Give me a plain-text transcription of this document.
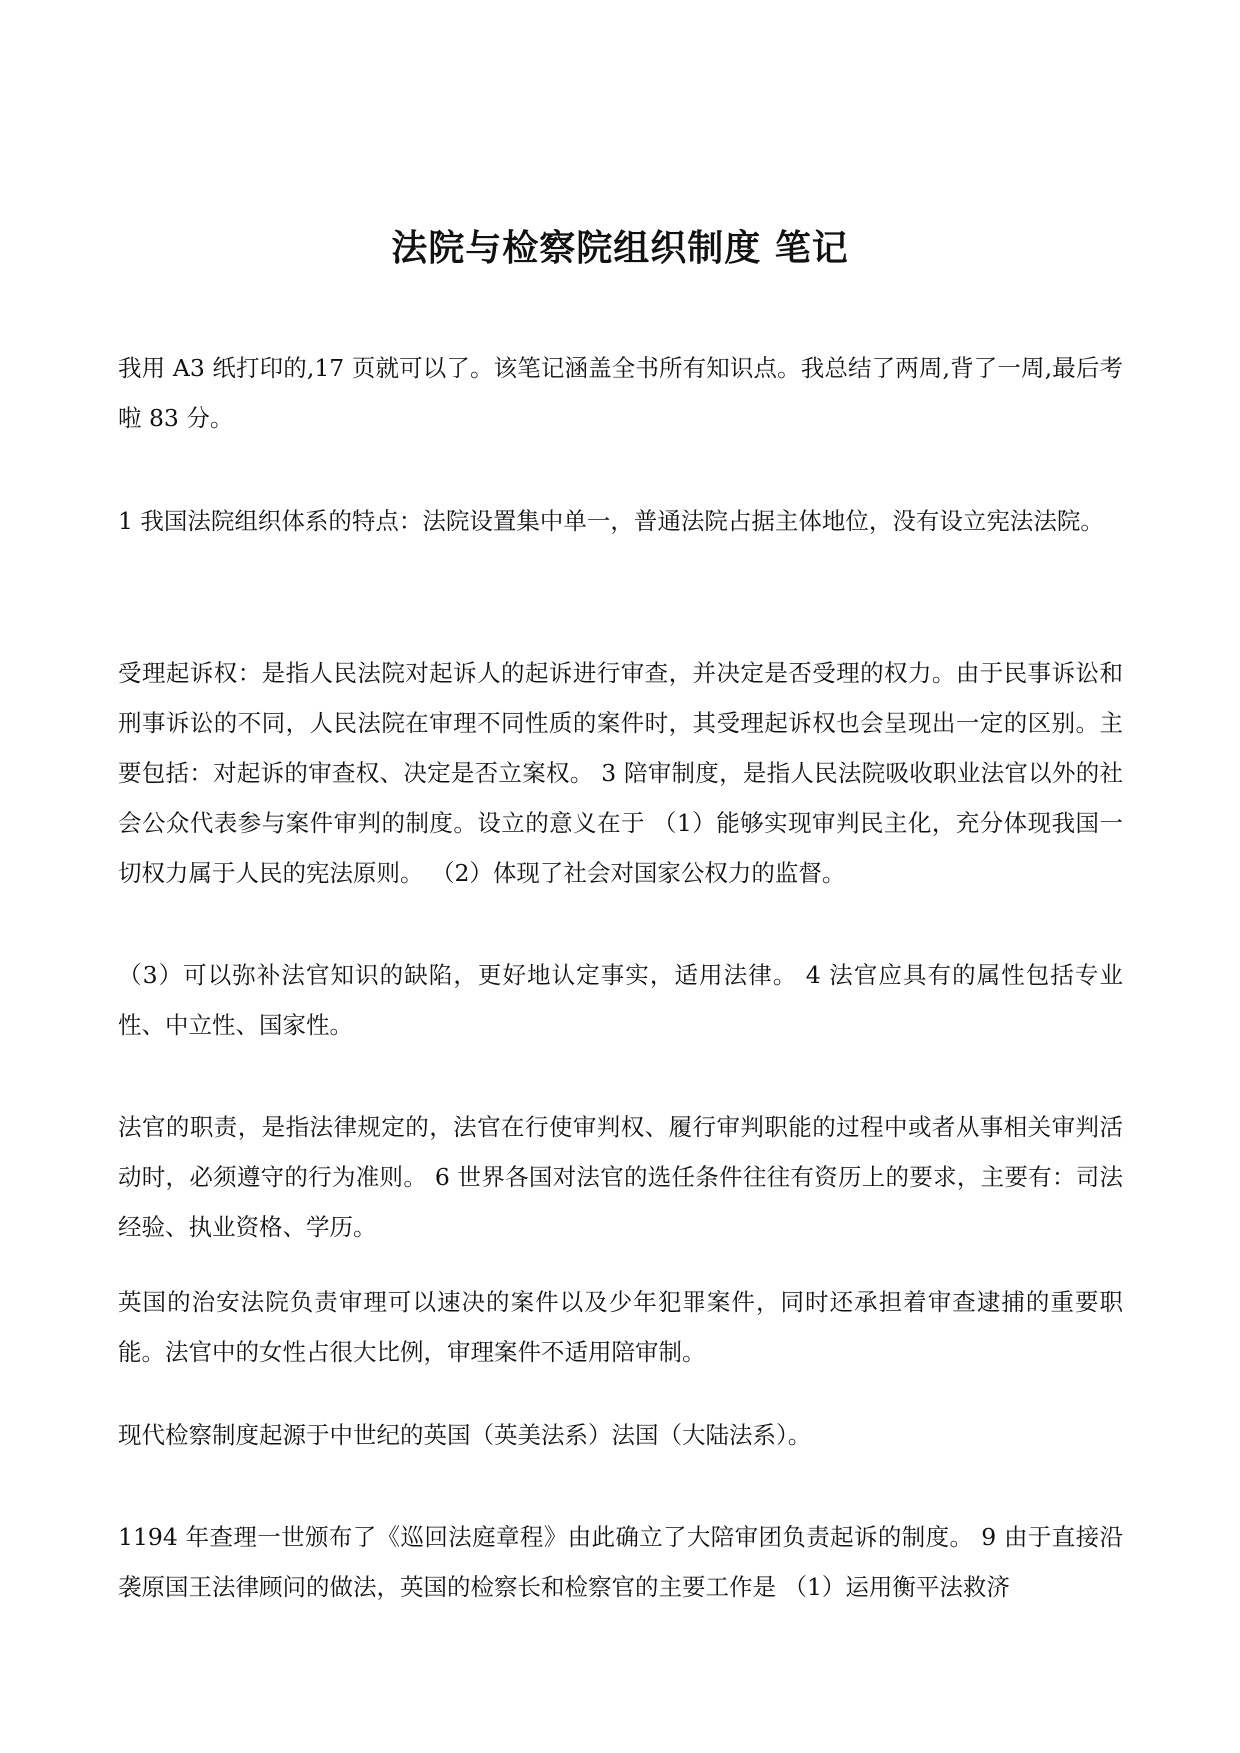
法院与检察院组织制度 笔记

我用 A3 纸打印的,17 页就可以了。该笔记涵盖全书所有知识点。我总结了两周,背了一周,最后考啦 83 分。

1 我国法院组织体系的特点：法院设置集中单一，普通法院占据主体地位，没有设立宪法法院。

受理起诉权：是指人民法院对起诉人的起诉进行审查，并决定是否受理的权力。由于民事诉讼和刑事诉讼的不同，人民法院在审理不同性质的案件时，其受理起诉权也会呈现出一定的区别。主要包括：对起诉的审查权、决定是否立案权。 3 陪审制度，是指人民法院吸收职业法官以外的社会公众代表参与案件审判的制度。设立的意义在于 （1）能够实现审判民主化，充分体现我国一切权力属于人民的宪法原则。 （2）体现了社会对国家公权力的监督。

（3）可以弥补法官知识的缺陷，更好地认定事实，适用法律。 4 法官应具有的属性包括专业性、中立性、国家性。

法官的职责，是指法律规定的，法官在行使审判权、履行审判职能的过程中或者从事相关审判活动时，必须遵守的行为准则。 6 世界各国对法官的选任条件往往有资历上的要求，主要有：司法经验、执业资格、学历。

英国的治安法院负责审理可以速决的案件以及少年犯罪案件，同时还承担着审查逮捕的重要职能。法官中的女性占很大比例，审理案件不适用陪审制。

现代检察制度起源于中世纪的英国（英美法系）法国（大陆法系）。

1194 年查理一世颁布了《巡回法庭章程》由此确立了大陪审团负责起诉的制度。 9 由于直接沿袭原国王法律顾问的做法，英国的检察长和检察官的主要工作是 （1）运用衡平法救济
